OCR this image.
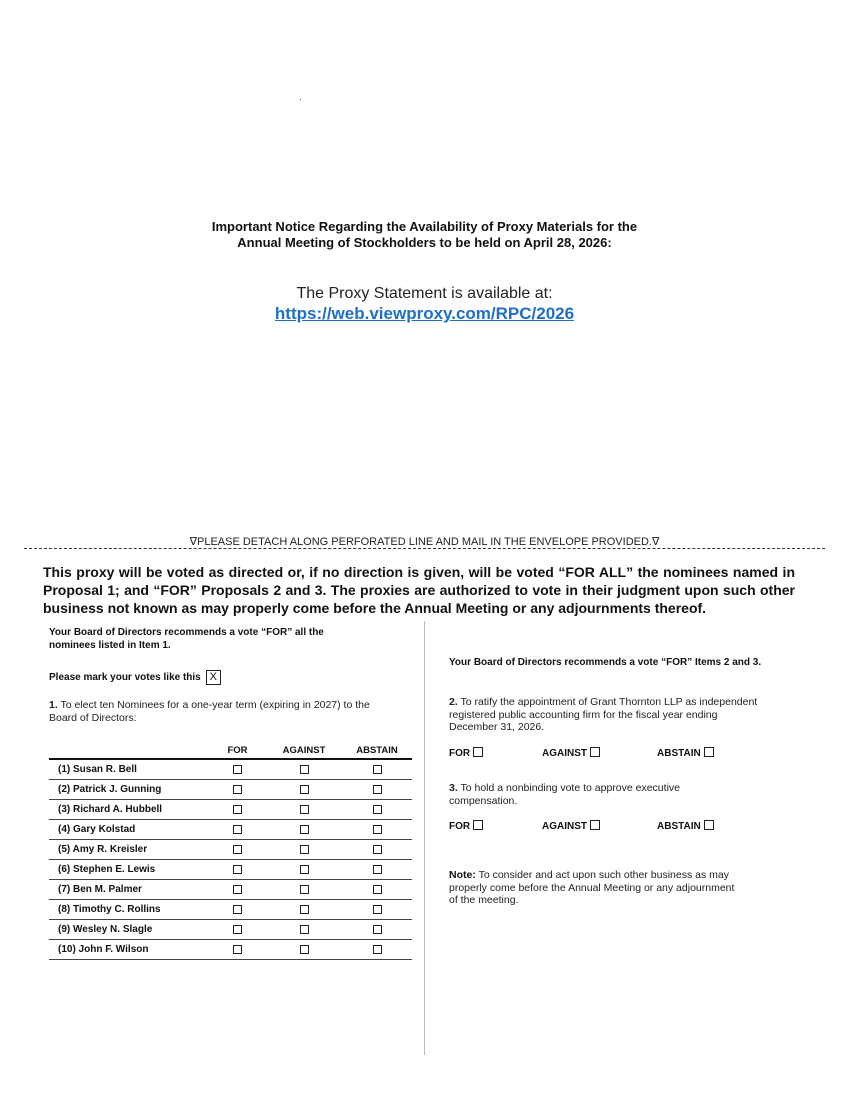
Important Notice Regarding the Availability of Proxy Materials for the
Annual Meeting of Stockholders to be held on April 28, 2026:
The Proxy Statement is available at:
https://web.viewproxy.com/RPC/2026
∇PLEASE DETACH ALONG PERFORATED LINE AND MAIL IN THE ENVELOPE PROVIDED.∇
This proxy will be voted as directed or, if no direction is given, will be voted “FOR ALL” the nominees named in Proposal 1; and “FOR” Proposals 2 and 3. The proxies are authorized to vote in their judgment upon such other business not known as may properly come before the Annual Meeting or any adjournments thereof.
Your Board of Directors recommends a vote “FOR” all the nominees listed in Item 1.
Please mark your votes like this X
1. To elect ten Nominees for a one-year term (expiring in 2027) to the Board of Directors:
	FOR	AGAINST	ABSTAIN
(1) Susan R. Bell			
(2) Patrick J. Gunning			
(3) Richard A. Hubbell			
(4) Gary Kolstad			
(5) Amy R. Kreisler			
(6) Stephen E. Lewis			
(7) Ben M. Palmer			
(8) Timothy C. Rollins			
(9) Wesley N. Slagle			
(10) John F. Wilson			
Your Board of Directors recommends a vote “FOR” Items 2 and 3.
2. To ratify the appointment of Grant Thornton LLP as independent registered public accounting firm for the fiscal year ending December 31, 2026.
FOR	AGAINST	ABSTAIN
3. To hold a nonbinding vote to approve executive compensation.
FOR	AGAINST	ABSTAIN
Note: To consider and act upon such other business as may properly come before the Annual Meeting or any adjournment of the meeting.
